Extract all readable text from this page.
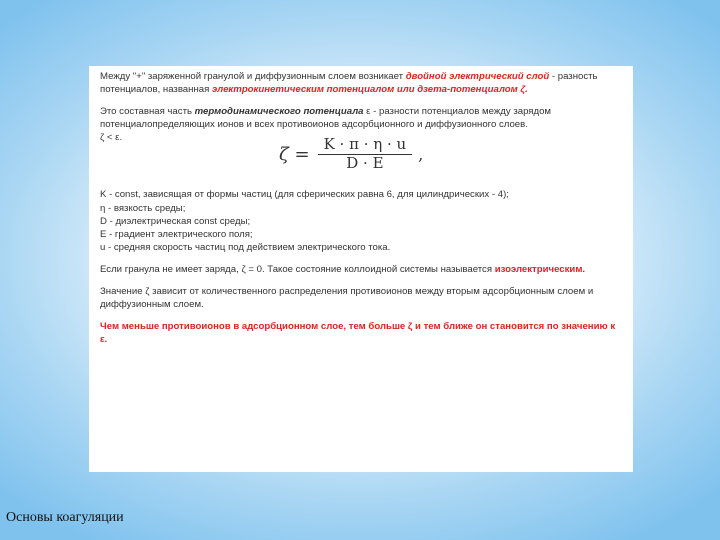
Между "+" заряженной гранулой и диффузионным слоем возникает двойной электрический слой - разность потенциалов, названная электрокинетическим потенциалом или дзета-потенциалом ζ.

Это составная часть термодинамического потенциала ε - разности потенциалов между зарядом потенциалопределяющих ионов и всех противоионов адсорбционного и диффузионного слоев.

ζ < ε.
$\zeta = \frac{K \cdot \pi \cdot \eta \cdot u}{D \cdot E}$ ,
K - const, зависящая от формы частиц (для сферических равна 6, для цилиндрических - 4);
η - вязкость среды;
D - диэлектрическая const среды;
E - градиент электрического поля;
u - средняя скорость частиц под действием электрического тока.

Если гранула не имеет заряда, ζ = 0. Такое состояние коллоидной системы называется изоэлектрическим.

Значение ζ зависит от количественного распределения противоионов между вторым адсорбционным слоем и диффузионным слоем.

Чем меньше противоионов в адсорбционном слое, тем больше ζ и тем ближе он становится по значению к ε.

Основы коагуляции
